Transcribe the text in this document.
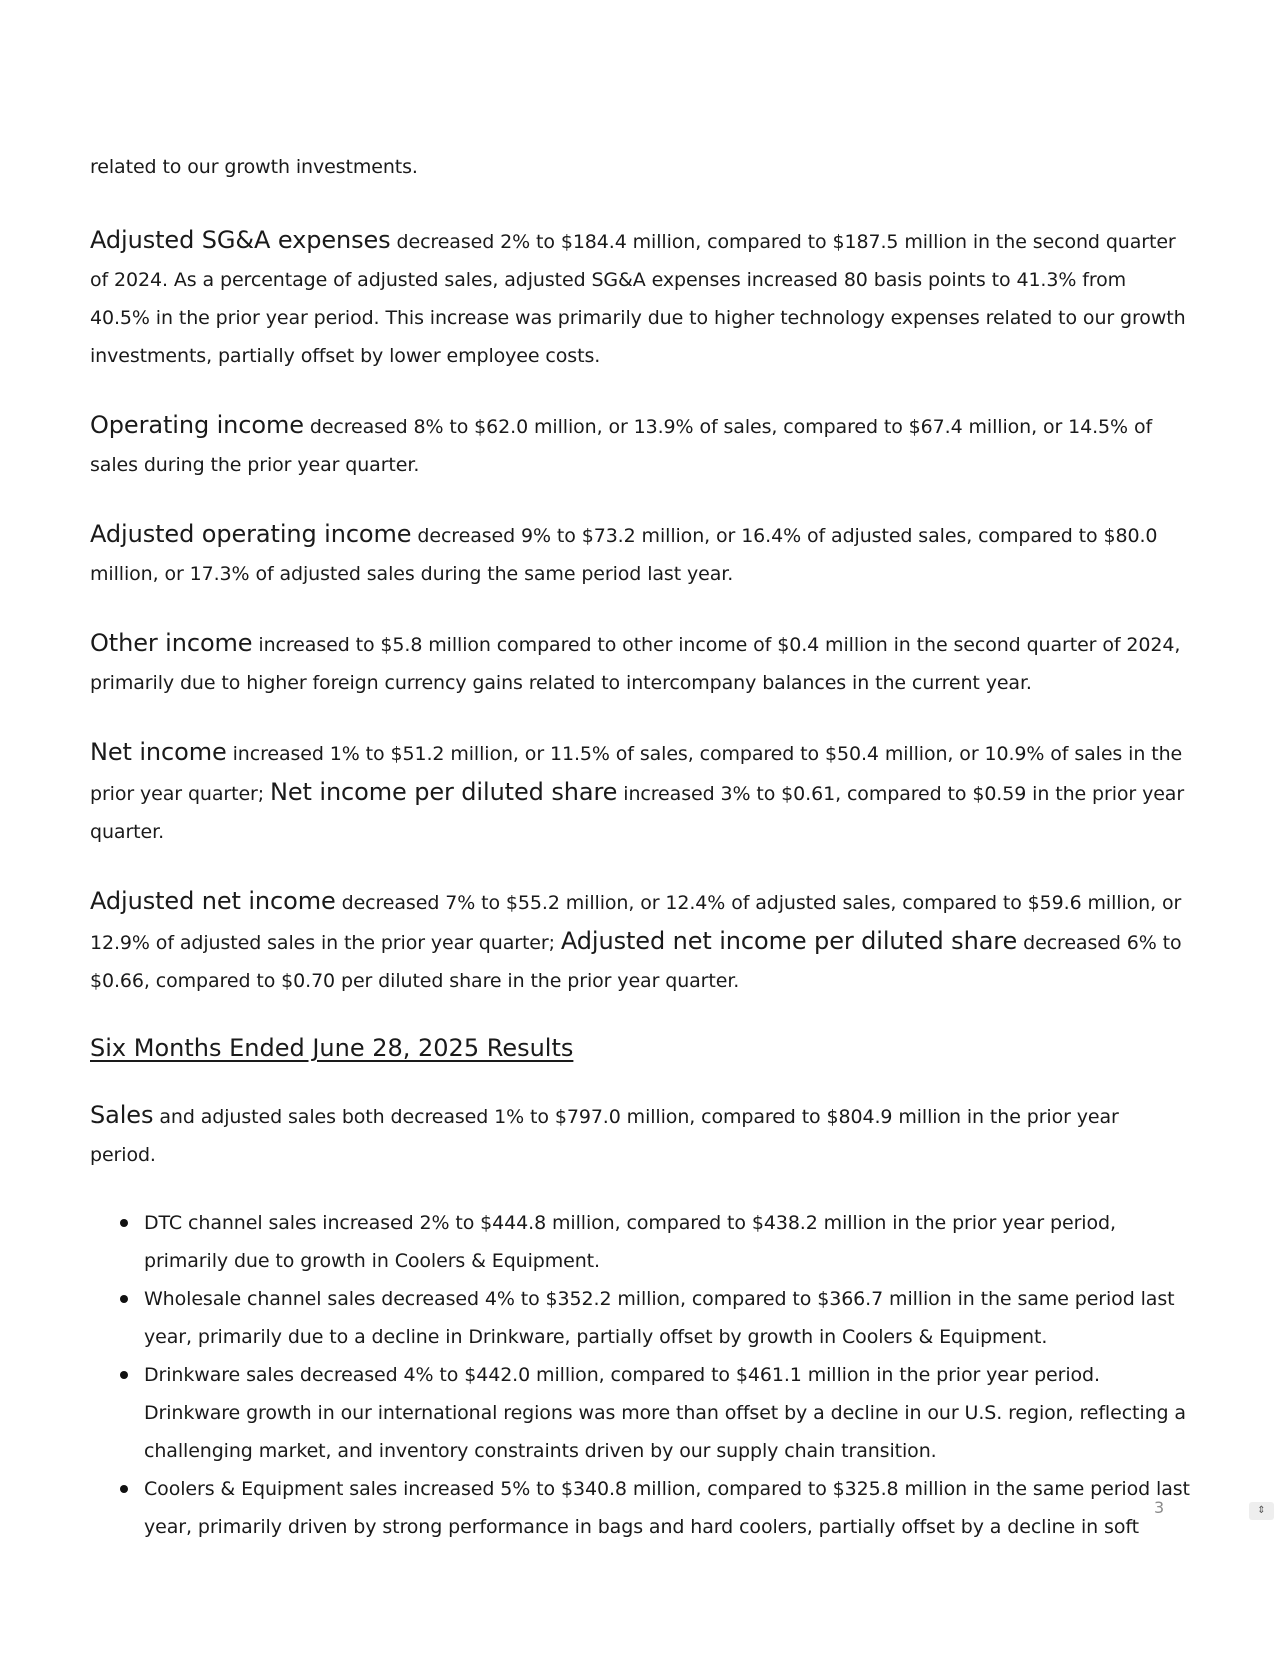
related to our growth investments.

Adjusted SG&A expenses decreased 2% to $184.4 million, compared to $187.5 million in the second quarter of 2024. As a percentage of adjusted sales, adjusted SG&A expenses increased 80 basis points to 41.3% from 40.5% in the prior year period. This increase was primarily due to higher technology expenses related to our growth investments, partially offset by lower employee costs.

Operating income decreased 8% to $62.0 million, or 13.9% of sales, compared to $67.4 million, or 14.5% of sales during the prior year quarter.

Adjusted operating income decreased 9% to $73.2 million, or 16.4% of adjusted sales, compared to $80.0 million, or 17.3% of adjusted sales during the same period last year.

Other income increased to $5.8 million compared to other income of $0.4 million in the second quarter of 2024, primarily due to higher foreign currency gains related to intercompany balances in the current year.

Net income increased 1% to $51.2 million, or 11.5% of sales, compared to $50.4 million, or 10.9% of sales in the prior year quarter; Net income per diluted share increased 3% to $0.61, compared to $0.59 in the prior year quarter.

Adjusted net income decreased 7% to $55.2 million, or 12.4% of adjusted sales, compared to $59.6 million, or 12.9% of adjusted sales in the prior year quarter; Adjusted net income per diluted share decreased 6% to $0.66, compared to $0.70 per diluted share in the prior year quarter.

Six Months Ended June 28, 2025 Results

Sales and adjusted sales both decreased 1% to $797.0 million, compared to $804.9 million in the prior year period.

DTC channel sales increased 2% to $444.8 million, compared to $438.2 million in the prior year period, primarily due to growth in Coolers & Equipment.
Wholesale channel sales decreased 4% to $352.2 million, compared to $366.7 million in the same period last year, primarily due to a decline in Drinkware, partially offset by growth in Coolers & Equipment.
Drinkware sales decreased 4% to $442.0 million, compared to $461.1 million in the prior year period. Drinkware growth in our international regions was more than offset by a decline in our U.S. region, reflecting a challenging market, and inventory constraints driven by our supply chain transition.
Coolers & Equipment sales increased 5% to $340.8 million, compared to $325.8 million in the same period last year, primarily driven by strong performance in bags and hard coolers, partially offset by a decline in soft
3	⇕
